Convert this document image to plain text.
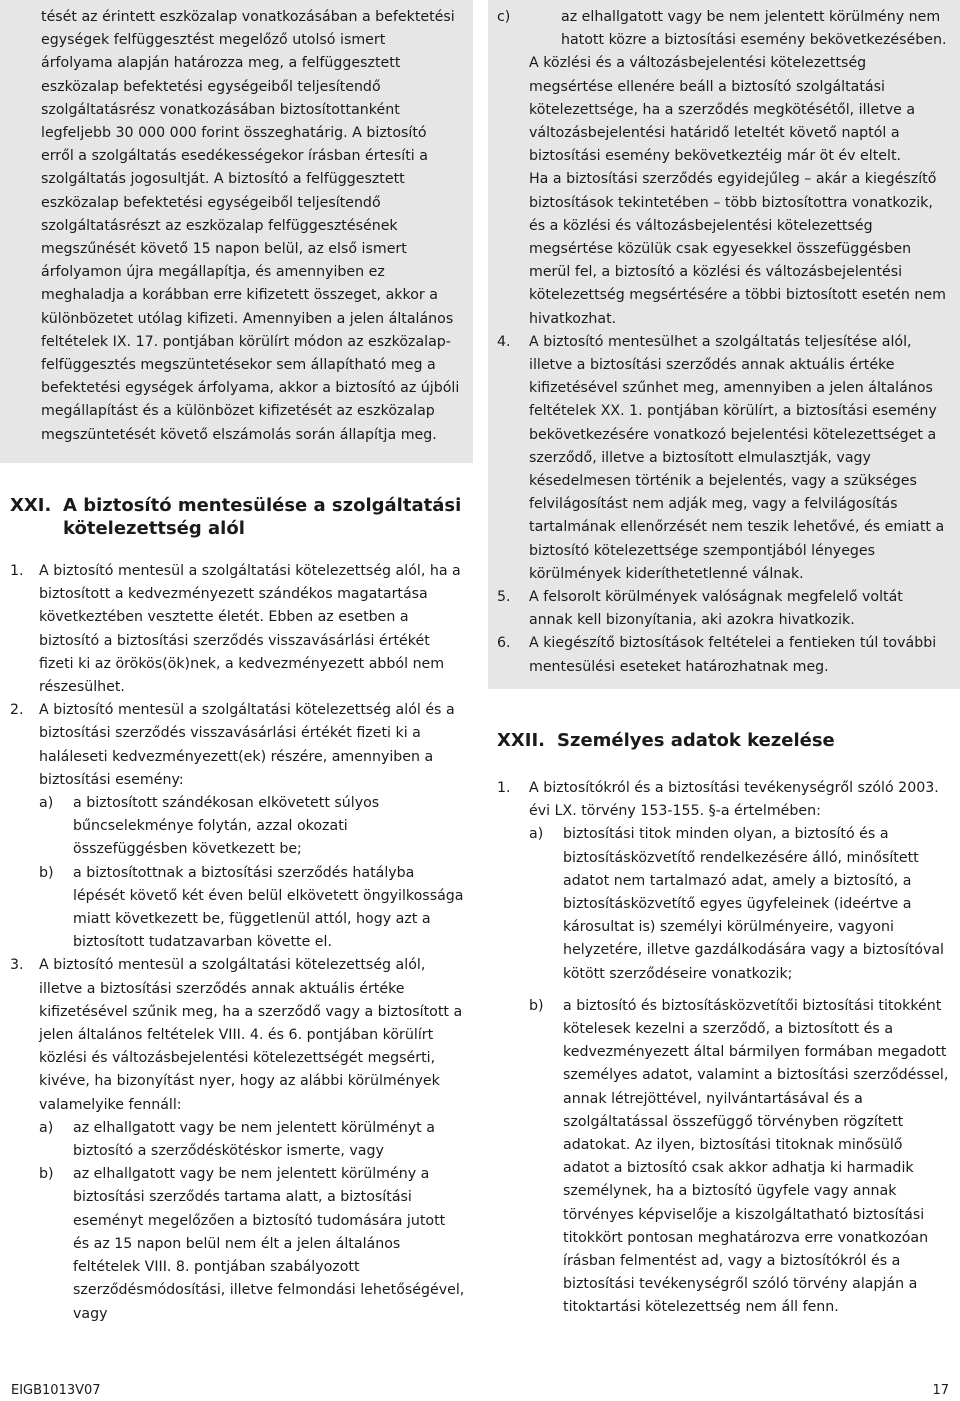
tését az érintett eszközalap vonatkozásában a befektetési egységek felfüggesztést megelőző utolsó ismert árfolyama alapján határozza meg, a felfüggesztett eszközalap befektetési egységeiből teljesítendő szolgáltatásrész vonatkozásában biztosítottanként legfeljebb 30 000 000 forint összeghatárig. A biztosító erről a szolgáltatás esedékességekor írásban értesíti a szolgáltatás jogosultját. A biztosító a felfüggesztett eszközalap befektetési egységeiből teljesítendő szolgáltatásrészt az eszközalap felfüggesztésének megszűnését követő 15 napon belül, az első ismert árfolyamon újra megállapítja, és amennyiben ez meghaladja a korábban erre kifizetett összeget, akkor a különbözetet utólag kifizeti. Amennyiben a jelen általános feltételek IX. 17. pontjában körülírt módon az eszközalap-felfüggesztés megszüntetésekor sem állapítható meg a befektetési egységek árfolyama, akkor a biztosító az újbóli megállapítást és a különbözet kifizetését az eszközalap megszüntetését követő elszámolás során állapítja meg.

XXI. A biztosító mentesülése a szolgáltatási kötelezettség alól
1.	A biztosító mentesül a szolgáltatási kötelezettség alól, ha a biztosított a kedvezményezett szándékos magatartása következtében vesztette életét. Ebben az esetben a biztosító a biztosítási szerződés visszavásárlási értékét fizeti ki az örökös(ök)nek, a kedvezményezett abból nem részesülhet.
2.	A biztosító mentesül a szolgáltatási kötelezettség alól és a biztosítási szerződés visszavásárlási értékét fizeti ki a haláleseti kedvezményezett(ek) részére, amennyiben a biztosítási esemény:
a)	a biztosított szándékosan elkövetett súlyos bűncselekménye folytán, azzal okozati összefüggésben következett be;
b)	a biztosítottnak a biztosítási szerződés hatályba lépését követő két éven belül elkövetett öngyilkossága miatt következett be, függetlenül attól, hogy azt a biztosított tudatzavarban követte el.
3.	A biztosító mentesül a szolgáltatási kötelezettség alól, illetve a biztosítási szerződés annak aktuális értéke kifizetésével szűnik meg, ha a szerződő vagy a biztosított a jelen általános feltételek VIII. 4. és 6. pontjában körülírt közlési és változásbejelentési kötelezettségét megsérti, kivéve, ha bizonyítást nyer, hogy az alábbi körülmények valamelyike fennáll:
a)	az elhallgatott vagy be nem jelentett körülményt a biztosító a szerződéskötéskor ismerte, vagy
b)	az elhallgatott vagy be nem jelentett körülmény a biztosítási szerződés tartama alatt, a biztosítási eseményt megelőzően a biztosító tudomására jutott és az 15 napon belül nem élt a jelen általános feltételek VIII. 8. pontjában szabályozott szerződésmódosítási, illetve felmondási lehetőségével, vagy
c)	az elhallgatott vagy be nem jelentett körülmény nem hatott közre a biztosítási esemény bekövetkezésében.

A közlési és a változásbejelentési kötelezettség megsértése ellenére beáll a biztosító szolgáltatási kötelezettsége, ha a szerződés megkötésétől, illetve a változásbejelentési határidő leteltét követő naptól a biztosítási esemény bekövetkeztéig már öt év eltelt.

Ha a biztosítási szerződés egyidejűleg – akár a kiegészítő biztosítások tekintetében – több biztosítottra vonatkozik, és a közlési és változásbejelentési kötelezettség megsértése közülük csak egyesekkel összefüggésben merül fel, a biztosító a közlési és változásbejelentési kötelezettség megsértésére a többi biztosított esetén nem hivatkozhat.

4.	A biztosító mentesülhet a szolgáltatás teljesítése alól, illetve a biztosítási szerződés annak aktuális értéke kifizetésével szűnhet meg, amennyiben a jelen általános feltételek XX. 1. pontjában körülírt, a biztosítási esemény bekövetkezésére vonatkozó bejelentési kötelezettséget a szerződő, illetve a biztosított elmulasztják, vagy késedelmesen történik a bejelentés, vagy a szükséges felvilágosítást nem adják meg, vagy a felvilágosítás tartalmának ellenőrzését nem teszik lehetővé, és emiatt a biztosító kötelezettsége szempontjából lényeges körülmények kideríthetetlenné válnak.
5.	A felsorolt körülmények valóságnak megfelelő voltát annak kell bizonyítania, aki azokra hivatkozik.
6.	A kiegészítő biztosítások feltételei a fentieken túl további mentesülési eseteket határozhatnak meg.
XXII. Személyes adatok kezelése
1.	A biztosítókról és a biztosítási tevékenységről szóló 2003. évi LX. törvény 153-155. §-a értelmében:
a)	biztosítási titok minden olyan, a biztosító és a biztosításközvetítő rendelkezésére álló, minősített adatot nem tartalmazó adat, amely a biztosító, a biztosításközvetítő egyes ügyfeleinek (ideértve a károsultat is) személyi körülményeire, vagyoni helyzetére, illetve gazdálkodására vagy a biztosítóval kötött szerződéseire vonatkozik;
b)	a biztosító és biztosításközvetítői biztosítási titokként kötelesek kezelni a szerződő, a biztosított és a kedvezményezett által bármilyen formában megadott személyes adatot, valamint a biztosítási szerződéssel, annak létrejöttével, nyilvántartásával és a szolgáltatással összefüggő törvényben rögzített adatokat. Az ilyen, biztosítási titoknak minősülő adatot a biztosító csak akkor adhatja ki harmadik személynek, ha a biztosító ügyfele vagy annak törvényes képviselője a kiszolgáltatható biztosítási titokkört pontosan meghatározva erre vonatkozóan írásban felmentést ad, vagy a biztosítókról és a biztosítási tevékenységről szóló törvény alapján a titoktartási kötelezettség nem áll fenn.
EIGB1013V07	17
